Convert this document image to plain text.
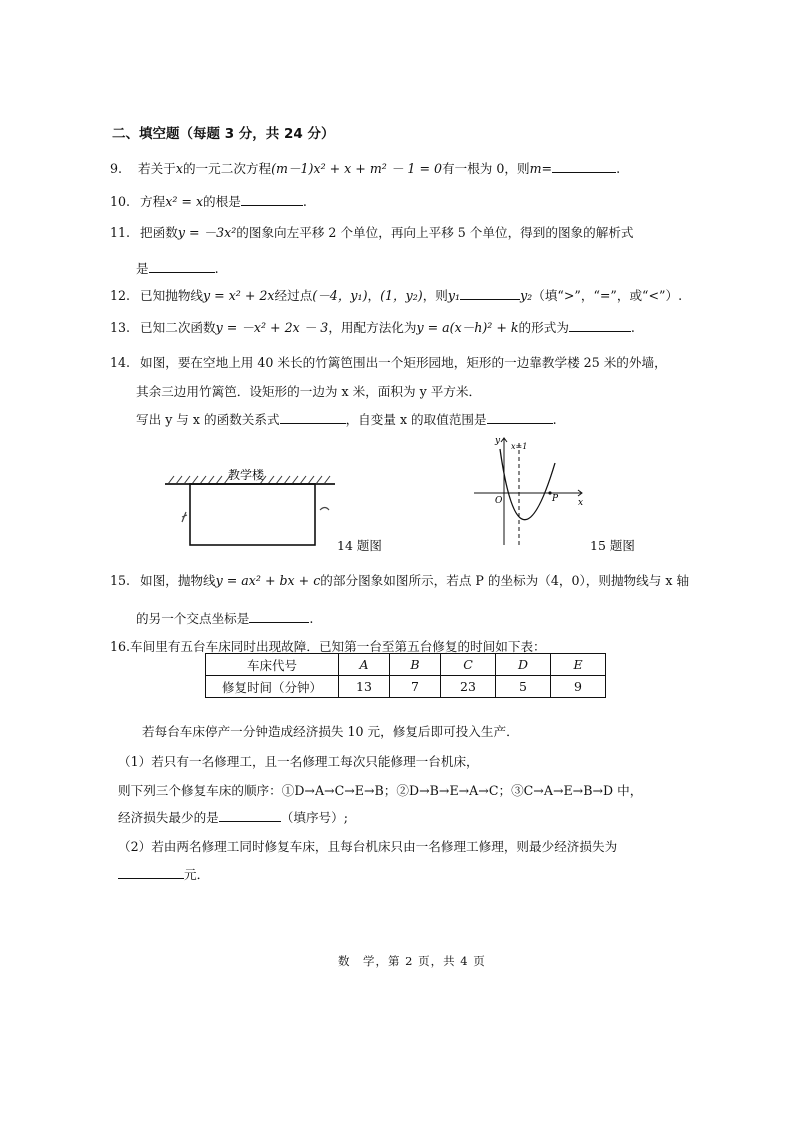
二、填空题（每题 3 分，共 24 分）
9. 若关于x的一元二次方程(m－1)x² + x + m² － 1 = 0有一根为 0，则m=	.
10. 方程x² = x的根是	.
11. 把函数y = －3x²的图象向左平移 2 个单位，再向上平移 5 个单位，得到的图象的解析式
是	.
12. 已知抛物线y = x² + 2x经过点(－4，y₁)，(1，y₂)，则y₁	y₂（填“>”，“=”，或“<”）.
13. 已知二次函数y = －x² + 2x － 3，用配方法化为y = a(x－h)² + k的形式为	.
14. 如图，要在空地上用 40 米长的竹篱笆围出一个矩形园地，矩形的一边靠教学楼 25 米的外墙，
其余三边用竹篱笆．设矩形的一边为 x 米，面积为 y 平方米．
写出 y 与 x 的函数关系式	，自变量 x 的取值范围是	.
教学楼
14 题图
y
x
O	P
x=1
15 题图
15. 如图，抛物线y = ax² + bx + c的部分图象如图所示，若点 P 的坐标为（4，0），则抛物线与 x 轴
的另一个交点坐标是	.
16.车间里有五台车床同时出现故障．已知第一台至第五台修复的时间如下表：
车床代号	A	B	C	D	E
修复时间（分钟）	13	7	23	5	9
若每台车床停产一分钟造成经济损失 10 元，修复后即可投入生产．
（1）若只有一名修理工，且一名修理工每次只能修理一台机床，
则下列三个修复车床的顺序：①D→A→C→E→B；②D→B→E→A→C；③C→A→E→B→D 中，
经济损失最少的是	（填序号）;
（2）若由两名修理工同时修复车床，且每台机床只由一名修理工修理，则最少经济损失为
元．
数　学，第 2 页，共 4 页
